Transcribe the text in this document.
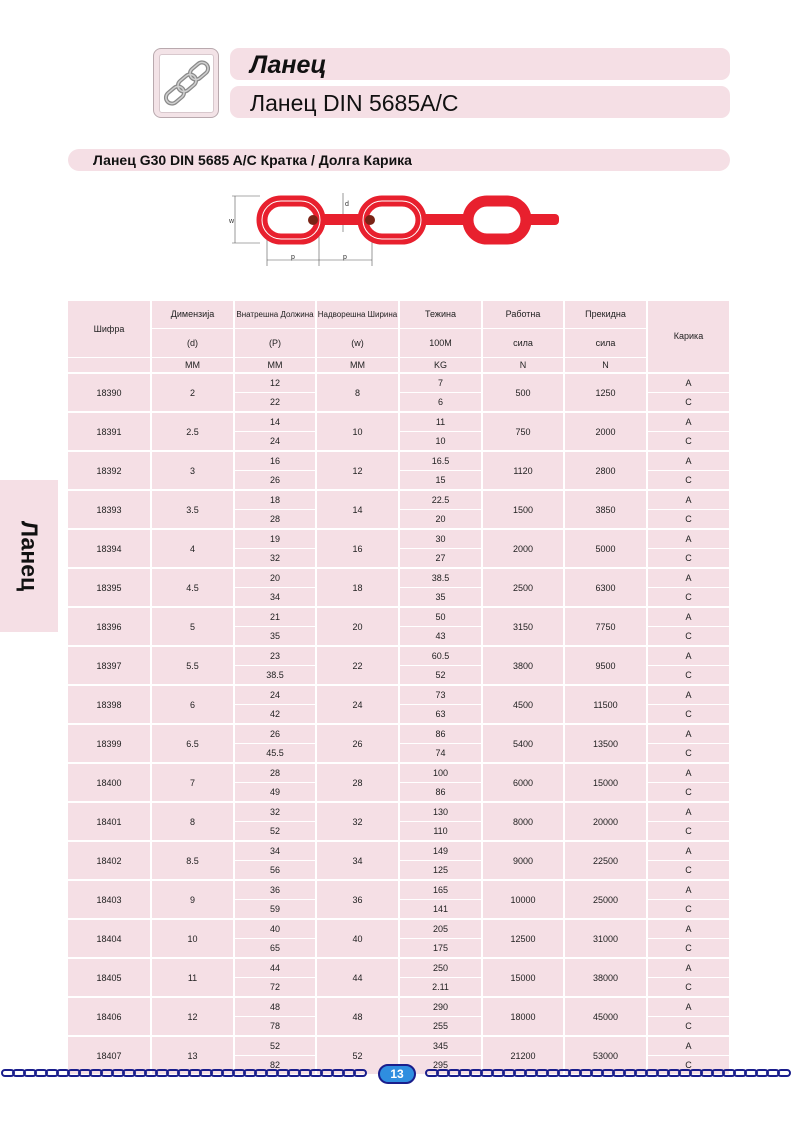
Ланец
Ланец DIN 5685A/C
Ланец G30 DIN 5685 A/C Кратка / Долга Карика
d
w
p	p
Ланец
Шифра	Димензија	Внатрешна Должина	Надворешна Ширина	Тежина	Работна	Прекидна	Карика
	(d)	(P)	(w)	100M	сила	сила	
	MM	MM	MM	KG	N	N	
18390	2	12	8	7	500	1250	A
		22		6			C
18391	2.5	14	10	11	750	2000	A
		24		10			C
18392	3	16	12	16.5	1120	2800	A
		26		15			C
18393	3.5	18	14	22.5	1500	3850	A
		28		20			C
18394	4	19	16	30	2000	5000	A
		32		27			C
18395	4.5	20	18	38.5	2500	6300	A
		34		35			C
18396	5	21	20	50	3150	7750	A
		35		43			C
18397	5.5	23	22	60.5	3800	9500	A
		38.5		52			C
18398	6	24	24	73	4500	11500	A
		42		63			C
18399	6.5	26	26	86	5400	13500	A
		45.5		74			C
18400	7	28	28	100	6000	15000	A
		49		86			C
18401	8	32	32	130	8000	20000	A
		52		110			C
18402	8.5	34	34	149	9000	22500	A
		56		125			C
18403	9	36	36	165	10000	25000	A
		59		141			C
18404	10	40	40	205	12500	31000	A
		65		175			C
18405	11	44	44	250	15000	38000	A
		72		2.11			C
18406	12	48	48	290	18000	45000	A
		78		255			C
18407	13	52	52	345	21200	53000	A
		82		295			C
13
